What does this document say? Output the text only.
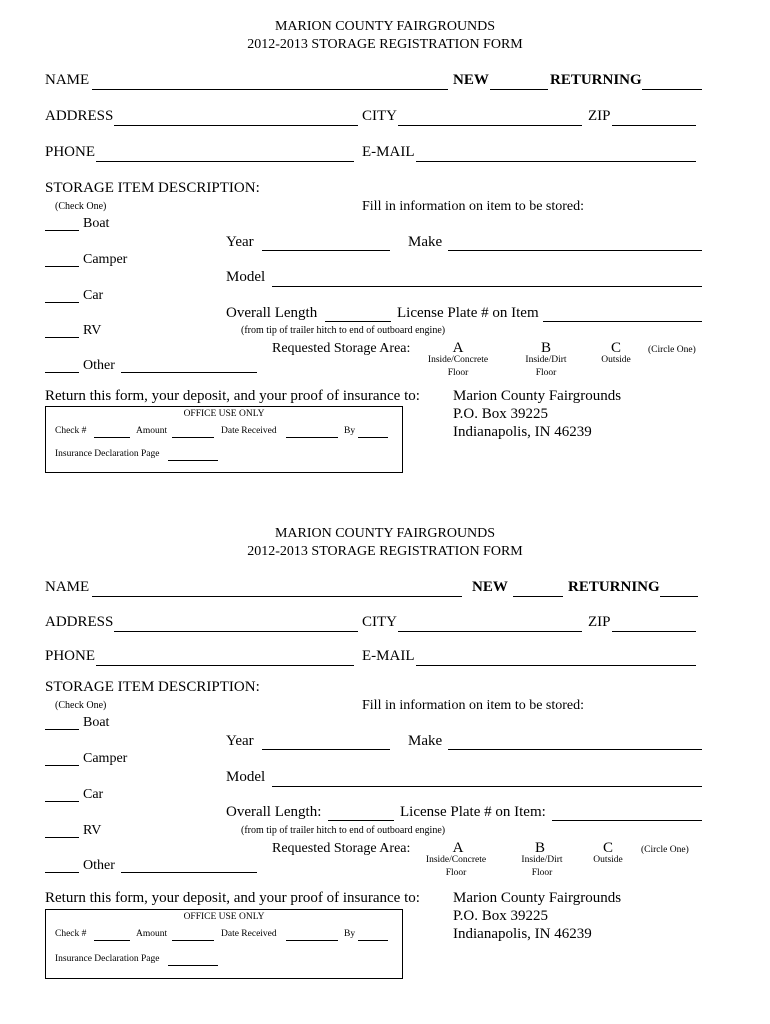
MARION COUNTY FAIRGROUNDS
2012-2013 STORAGE REGISTRATION FORM
NAME	NEW	RETURNING
ADDRESS	CITY	ZIP
PHONE	E-MAIL
STORAGE ITEM DESCRIPTION:
(Check One)	Fill in information on item to be stored:
Boat
Year	Make
Camper
Model
Car
Overall Length	License Plate # on Item
RV	(from tip of trailer hitch to end of outboard engine)
Requested Storage Area:	A
Inside/Concrete
Floor
B
Inside/Dirt
Floor
C
Outside
(Circle One)
Other
Return this form, your deposit, and your proof of insurance to: Marion County Fairgrounds
P.O. Box 39225
Indianapolis, IN 46239
OFFICE USE ONLY
Check #	Amount	Date Received	By
Insurance Declaration Page
MARION COUNTY FAIRGROUNDS
2012-2013 STORAGE REGISTRATION FORM
NAME	NEW	RETURNING
ADDRESS	CITY	ZIP
PHONE	E-MAIL
STORAGE ITEM DESCRIPTION:
(Check One)	Fill in information on item to be stored:
Boat
Year	Make
Camper
Model
Car
Overall Length:	License Plate # on Item:
RV	(from tip of trailer hitch to end of outboard engine)
Requested Storage Area:	A
Inside/Concrete
Floor
B
Inside/Dirt
Floor
C
Outside
(Circle One)
Other
Return this form, your deposit, and your proof of insurance to: Marion County Fairgrounds
P.O. Box 39225
Indianapolis, IN 46239
OFFICE USE ONLY
Check #	Amount	Date Received	By
Insurance Declaration Page
